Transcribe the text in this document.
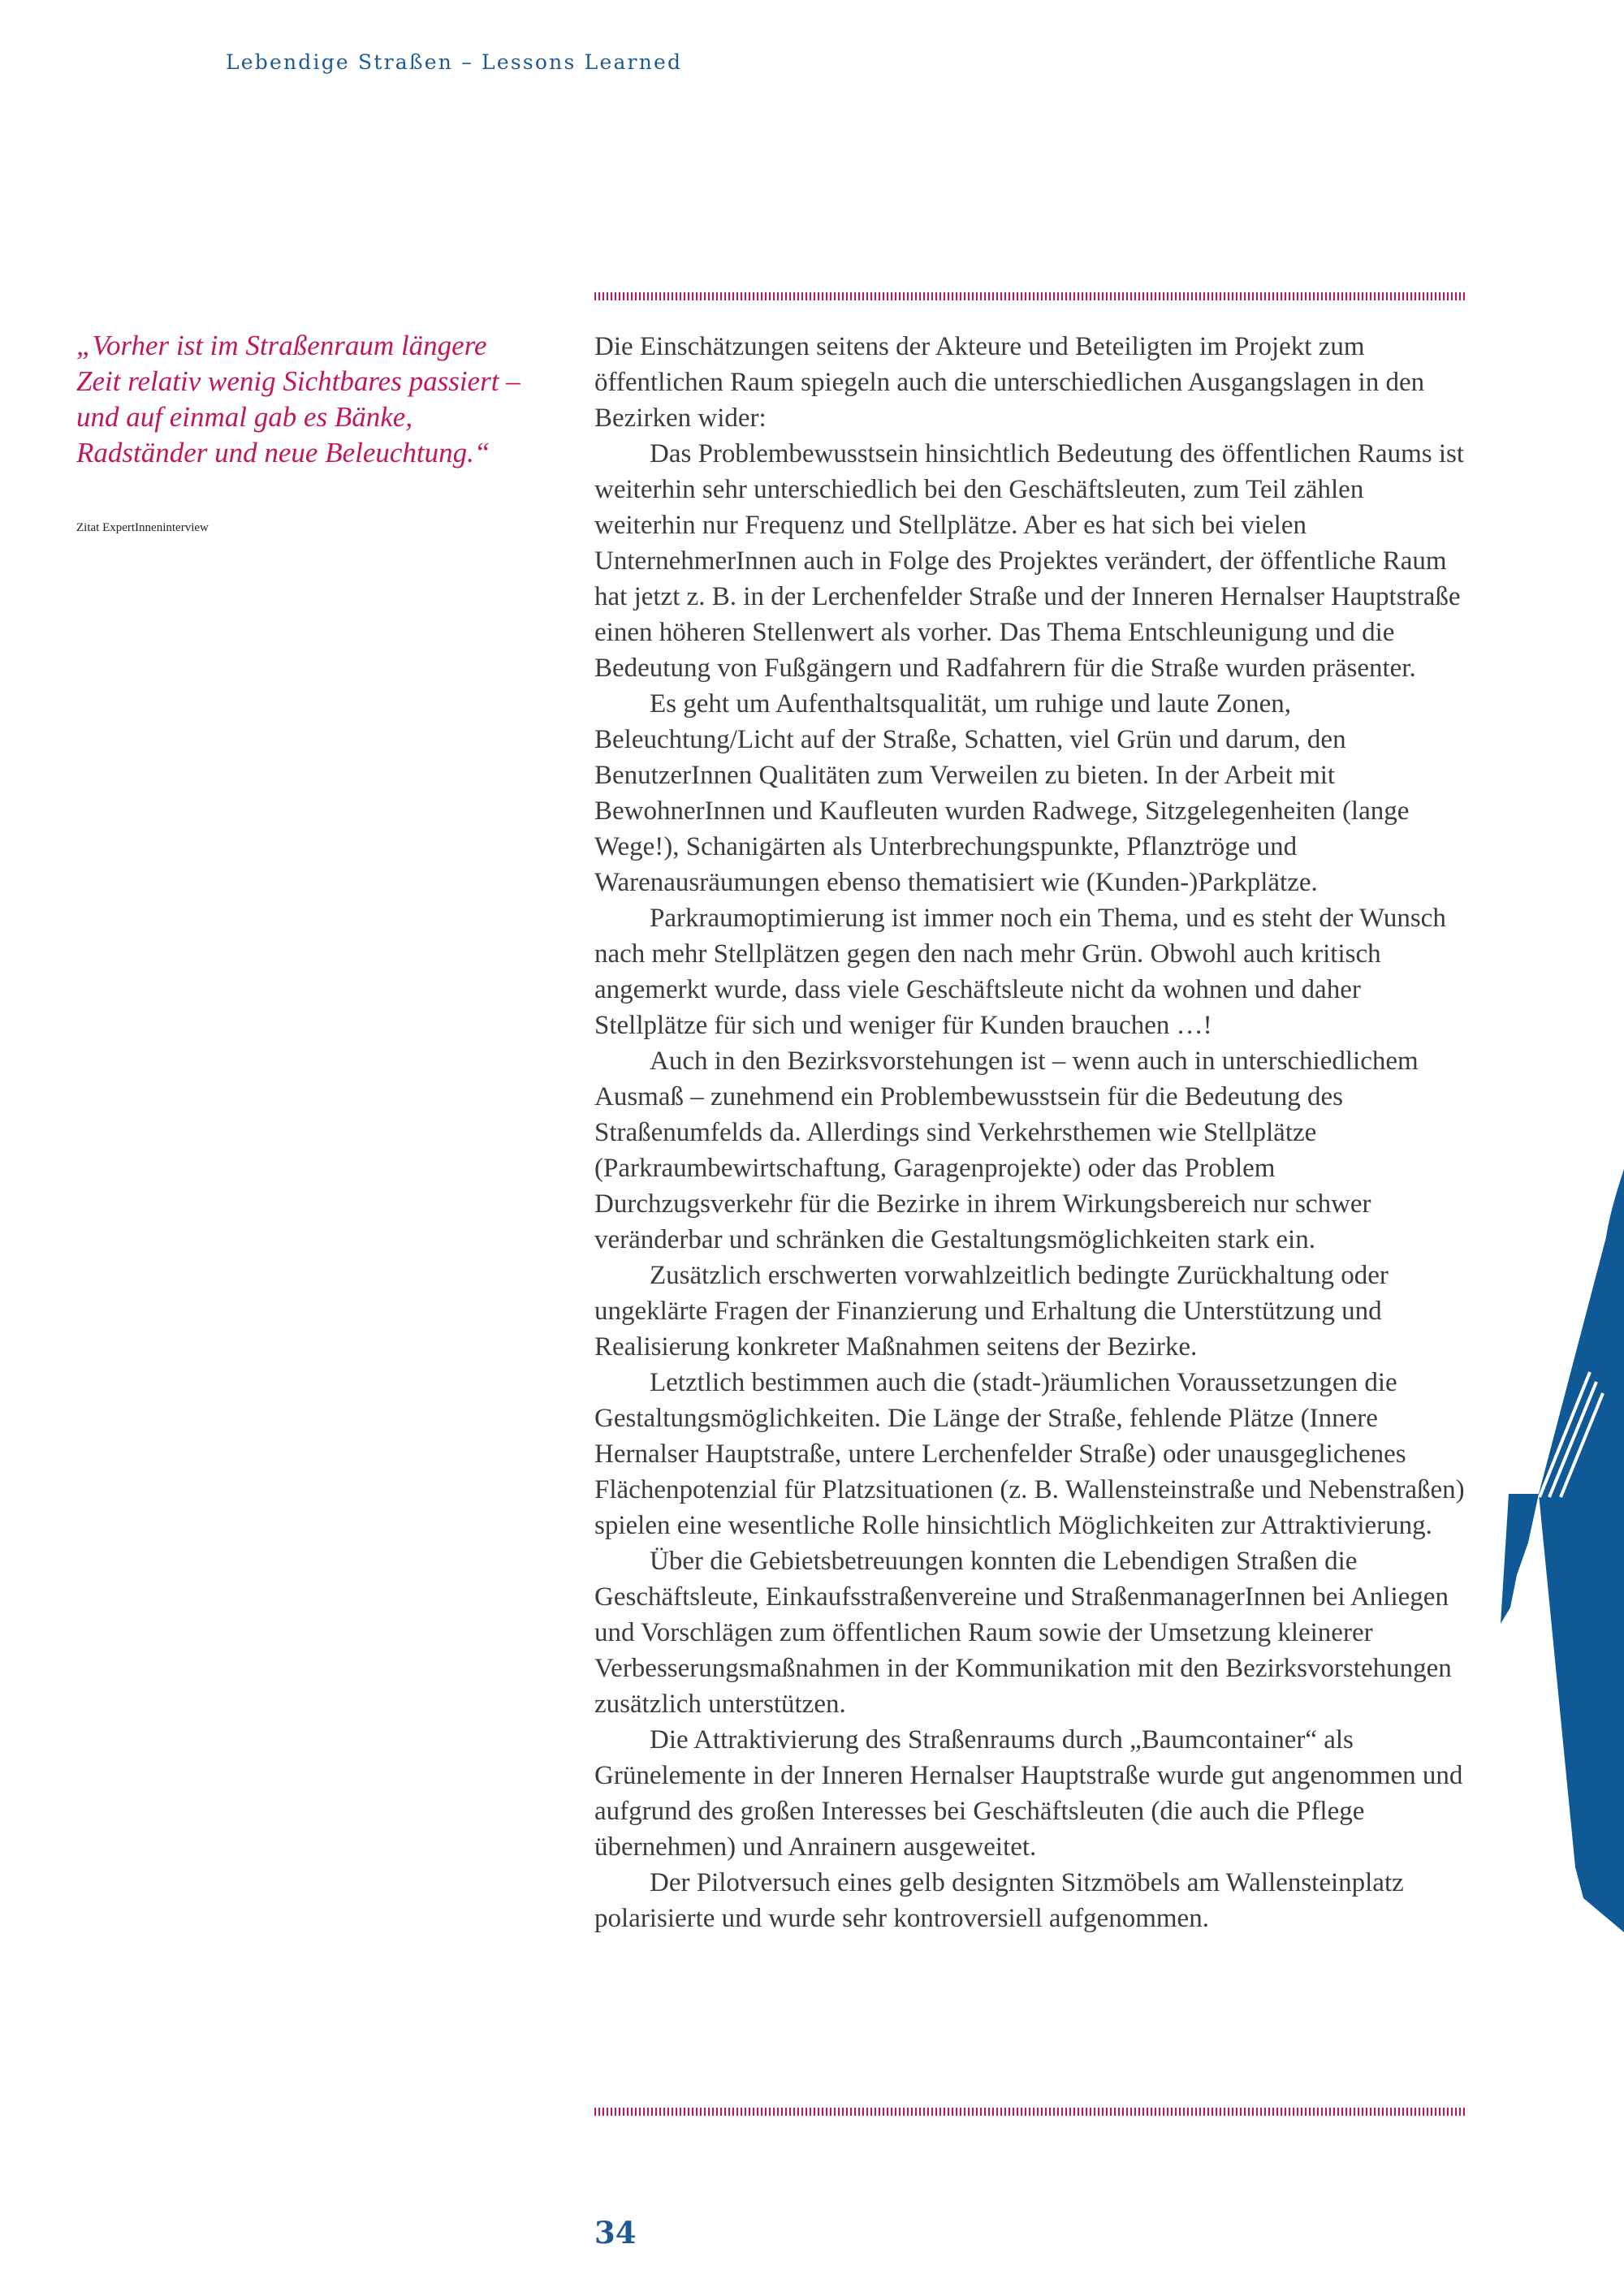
Lebendige Straßen – Lessons Learned
„Vorher ist im Straßenraum längere Zeit relativ wenig Sichtbares passiert – und auf einmal gab es Bänke, Radständer und neue Beleuchtung.“
Zitat ExpertInneninterview

Die Einschätzungen seitens der Akteure und Beteiligten im Projekt zum öffentlichen Raum spiegeln auch die unterschiedlichen Ausgangslagen in den Bezirken wider:

Das Problembewusstsein hinsichtlich Bedeutung des öffentlichen Raums ist weiterhin sehr unterschiedlich bei den Geschäftsleuten, zum Teil zählen weiterhin nur Frequenz und Stellplätze. Aber es hat sich bei vielen UnternehmerInnen auch in Folge des Projektes verändert, der öffentliche Raum hat jetzt z. B. in der Lerchenfelder Straße und der Inneren Hernalser Hauptstraße einen höheren Stellenwert als vorher. Das Thema Entschleunigung und die Bedeutung von Fußgängern und Radfahrern für die Straße wurden präsenter.

Es geht um Aufenthaltsqualität, um ruhige und laute Zonen, Beleuchtung/Licht auf der Straße, Schatten, viel Grün und darum, den BenutzerInnen Qualitäten zum Verweilen zu bieten. In der Arbeit mit BewohnerInnen und Kaufleuten wurden Radwege, Sitzgelegenheiten (lange Wege!), Schanigärten als Unterbrechungspunkte, Pflanztröge und Warenausräumungen ebenso thematisiert wie (Kunden-)Parkplätze.

Parkraumoptimierung ist immer noch ein Thema, und es steht der Wunsch nach mehr Stellplätzen gegen den nach mehr Grün. Obwohl auch kritisch angemerkt wurde, dass viele Geschäftsleute nicht da wohnen und daher Stellplätze für sich und weniger für Kunden brauchen …!

Auch in den Bezirksvorstehungen ist – wenn auch in unterschiedlichem Ausmaß – zunehmend ein Problembewusstsein für die Bedeutung des Straßenumfelds da. Allerdings sind Verkehrsthemen wie Stellplätze (Parkraumbewirtschaftung, Garagenprojekte) oder das Problem Durchzugsverkehr für die Bezirke in ihrem Wirkungsbereich nur schwer veränderbar und schränken die Gestaltungsmöglichkeiten stark ein.

Zusätzlich erschwerten vorwahlzeitlich bedingte Zurückhaltung oder ungeklärte Fragen der Finanzierung und Erhaltung die Unterstützung und Realisierung konkreter Maßnahmen seitens der Bezirke.

Letztlich bestimmen auch die (stadt-)räumlichen Voraussetzungen die Gestaltungsmöglichkeiten. Die Länge der Straße, fehlende Plätze (Innere Hernalser Hauptstraße, untere Lerchenfelder Straße) oder unausgeglichenes Flächenpotenzial für Platzsituationen (z. B. Wallensteinstraße und Nebenstraßen) spielen eine wesentliche Rolle hinsichtlich Möglichkeiten zur Attraktivierung.

Über die Gebietsbetreuungen konnten die Lebendigen Straßen die Geschäftsleute, Einkaufsstraßenvereine und StraßenmanagerInnen bei Anliegen und Vorschlägen zum öffentlichen Raum sowie der Umsetzung kleinerer Verbesserungsmaßnahmen in der Kommunikation mit den Bezirksvorstehungen zusätzlich unterstützen.

Die Attraktivierung des Straßenraums durch „Baumcontainer“ als Grünelemente in der Inneren Hernalser Hauptstraße wurde gut angenommen und aufgrund des großen Interesses bei Geschäftsleuten (die auch die Pflege übernehmen) und Anrainern ausgeweitet.

Der Pilotversuch eines gelb designten Sitzmöbels am Wallensteinplatz polarisierte und wurde sehr kontroversiell aufgenommen.

34
